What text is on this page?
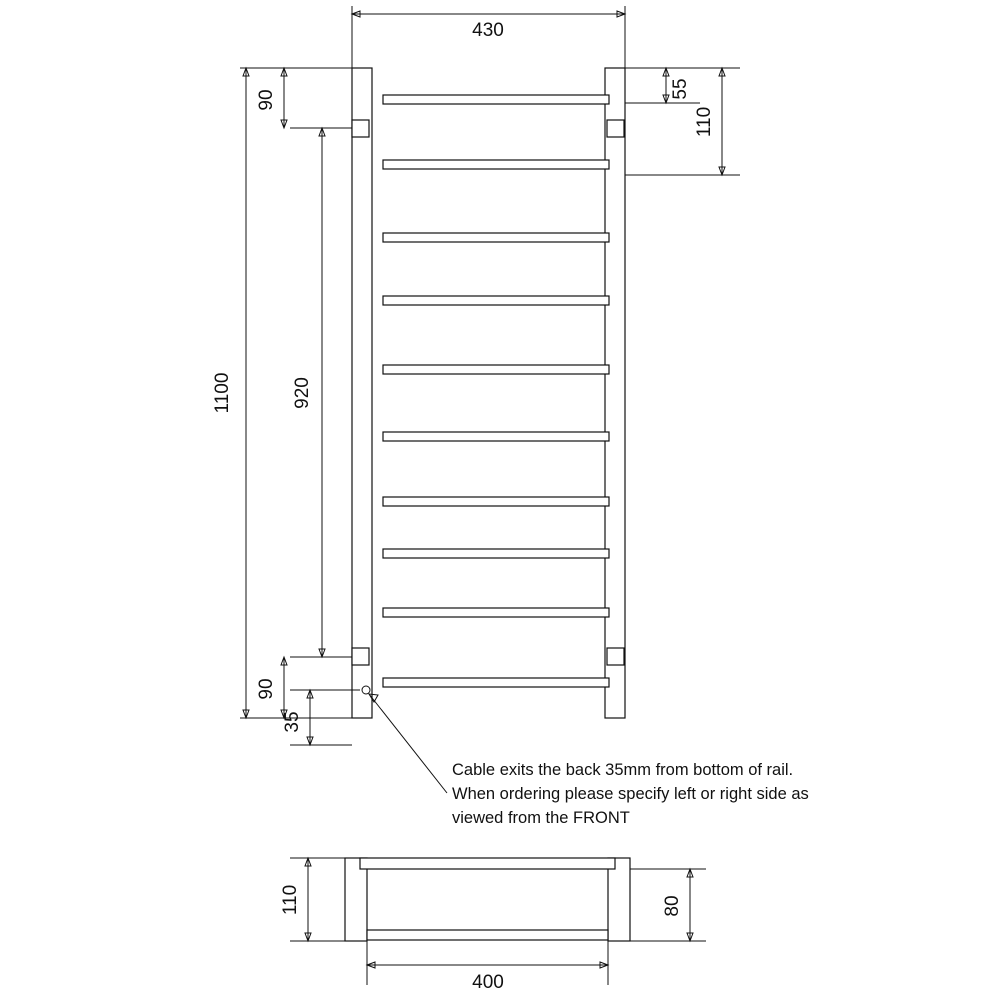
430
1100	920
90
90
35
55
110
Cable exits the back 35mm from bottom of rail.
When ordering please specify left or right side as
viewed from the FRONT
110	80
400
